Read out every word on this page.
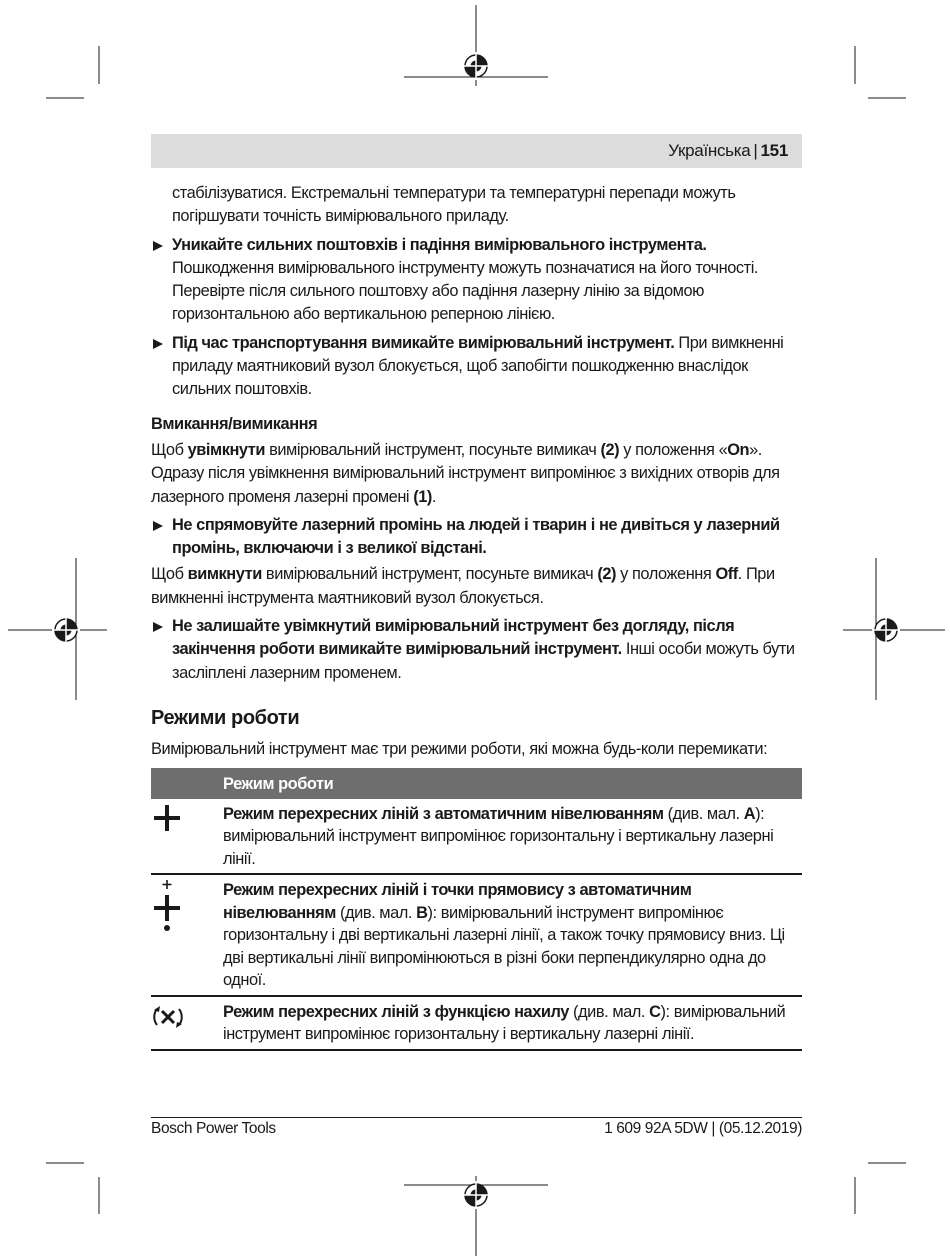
Українська | 151

стабілізуватися. Екстремальні температури та температурні перепади можуть погіршувати точність вимірювального приладу.

Уникайте сильних поштовхів і падіння вимірювального інструмента. Пошкодження вимірювального інструменту можуть позначатися на його точності. Перевірте після сильного поштовху або падіння лазерну лінію за відомою горизонтальною або вертикальною реперною лінією.

Під час транспортування вимикайте вимірювальний інструмент. При вимкненні приладу маятниковий вузол блокується, щоб запобігти пошкодженню внаслідок сильних поштовхів.

Вмикання/вимикання

Щоб увімкнути вимірювальний інструмент, посуньте вимикач (2) у положення «On». Одразу після увімкнення вимірювальний інструмент випромінює з вихідних отворів для лазерного променя лазерні промені (1).

Не спрямовуйте лазерний промінь на людей і тварин і не дивіться у лазерний промінь, включаючи і з великої відстані.

Щоб вимкнути вимірювальний інструмент, посуньте вимикач (2) у положення Off. При вимкненні інструмента маятниковий вузол блокується.

Не залишайте увімкнутий вимірювальний інструмент без догляду, після закінчення роботи вимикайте вимірювальний інструмент. Інші особи можуть бути засліплені лазерним променем.

Режими роботи

Вимірювальний інструмент має три режими роботи, які можна будь-коли перемикати:

	Режим роботи
	Режим перехресних ліній з автоматичним нівелюванням (див. мал. A): вимірювальний інструмент випромінює горизонтальну і вертикальну лазерні лінії.
	Режим перехресних ліній і точки прямовису з автоматичним нівелюванням (див. мал. B): вимірювальний інструмент випромінює горизонтальну і дві вертикальні лазерні лінії, а також точку прямовису вниз. Ці дві вертикальні лінії випромінюються в різні боки перпендикулярно одна до одної.
	Режим перехресних ліній з функцією нахилу (див. мал. C): вимірювальний інструмент випромінює горизонтальну і вертикальну лазерні лінії.
Bosch Power Tools	1 609 92A 5DW | (05.12.2019)
